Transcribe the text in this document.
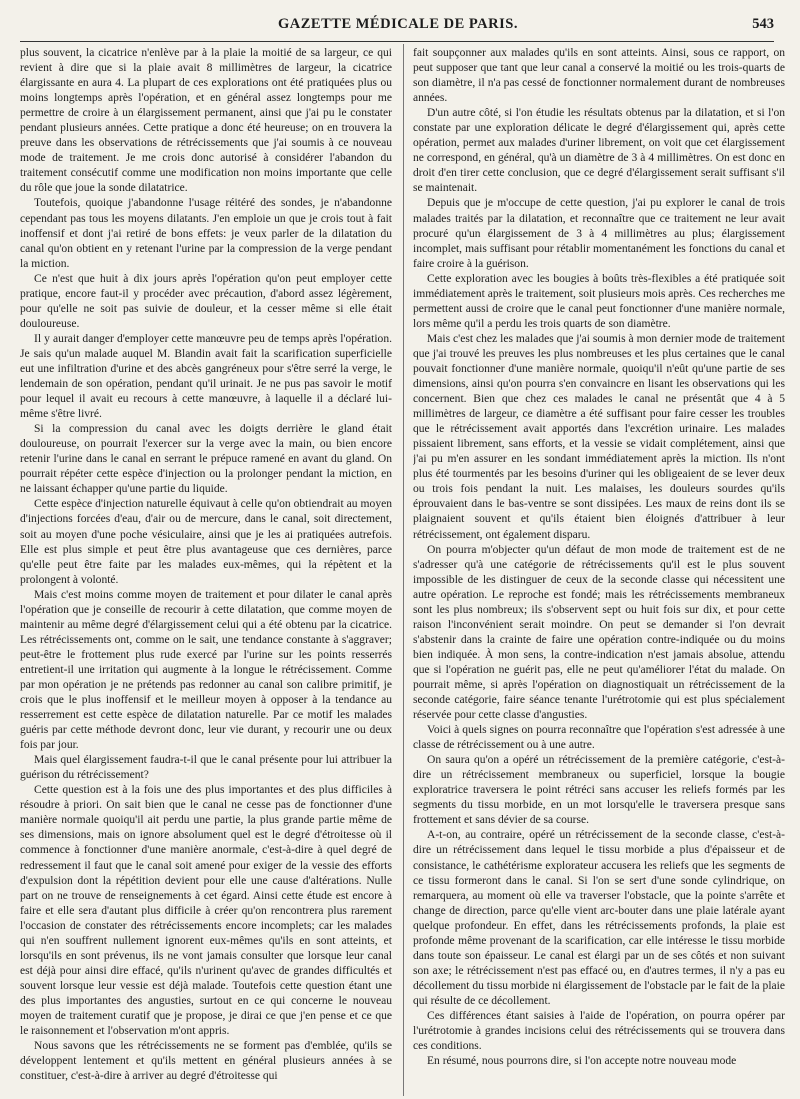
GAZETTE MÉDICALE DE PARIS.	543

plus souvent, la cicatrice n'enlève par à la plaie la moitié de sa largeur, ce qui revient à dire que si la plaie avait 8 millimètres de largeur, la cicatrice élargissante en aura 4. La plupart de ces explorations ont été pratiquées plus ou moins longtemps après l'opération, et en général assez longtemps pour me permettre de croire à un élargissement permanent, ainsi que j'ai pu le constater pendant plusieurs années. Cette pratique a donc été heureuse; on en trouvera la preuve dans les observations de rétrécissements que j'ai soumis à ce nouveau mode de traitement. Je me crois donc autorisé à considérer l'abandon du traitement consécutif comme une modification non moins importante que celle du rôle que joue la sonde dilatatrice.

Toutefois, quoique j'abandonne l'usage réitéré des sondes, je n'abandonne cependant pas tous les moyens dilatants. J'en emploie un que je crois tout à fait inoffensif et dont j'ai retiré de bons effets: je veux parler de la dilatation du canal qu'on obtient en y retenant l'urine par la compression de la verge pendant la miction.

Ce n'est que huit à dix jours après l'opération qu'on peut employer cette pratique, encore faut-il y procéder avec précaution, d'abord assez légèrement, pour qu'elle ne soit pas suivie de douleur, et la cesser même si elle était douloureuse.

Il y aurait danger d'employer cette manœuvre peu de temps après l'opération. Je sais qu'un malade auquel M. Blandin avait fait la scarification superficielle eut une infiltration d'urine et des abcès gangréneux pour s'être serré la verge, le lendemain de son opération, pendant qu'il urinait. Je ne pus pas savoir le motif pour lequel il avait eu recours à cette manœuvre, à laquelle il a déclaré lui-même s'être livré.

Si la compression du canal avec les doigts derrière le gland était douloureuse, on pourrait l'exercer sur la verge avec la main, ou bien encore retenir l'urine dans le canal en serrant le prépuce ramené en avant du gland. On pourrait répéter cette espèce d'injection ou la prolonger pendant la miction, en ne laissant échapper qu'une partie du liquide.

Cette espèce d'injection naturelle équivaut à celle qu'on obtiendrait au moyen d'injections forcées d'eau, d'air ou de mercure, dans le canal, soit directement, soit au moyen d'une poche vésiculaire, ainsi que je les ai pratiquées autrefois. Elle est plus simple et peut être plus avantageuse que ces dernières, parce qu'elle peut être faite par les malades eux-mêmes, qui la répètent et la prolongent à volonté.

Mais c'est moins comme moyen de traitement et pour dilater le canal après l'opération que je conseille de recourir à cette dilatation, que comme moyen de maintenir au même degré d'élargissement celui qui a été obtenu par la cicatrice. Les rétrécissements ont, comme on le sait, une tendance constante à s'aggraver; peut-être le frottement plus rude exercé par l'urine sur les points resserrés entretient-il une irritation qui augmente à la longue le rétrécissement. Comme par mon opération je ne prétends pas redonner au canal son calibre primitif, je crois que le plus inoffensif et le meilleur moyen à opposer à la tendance au resserrement est cette espèce de dilatation naturelle. Par ce motif les malades guéris par cette méthode devront donc, leur vie durant, y recourir une ou deux fois par jour.

Mais quel élargissement faudra-t-il que le canal présente pour lui attribuer la guérison du rétrécissement?

Cette question est à la fois une des plus importantes et des plus difficiles à résoudre à priori. On sait bien que le canal ne cesse pas de fonctionner d'une manière normale quoiqu'il ait perdu une partie, la plus grande partie même de ses dimensions, mais on ignore absolument quel est le degré d'étroitesse où il commence à fonctionner d'une manière anormale, c'est-à-dire à quel degré de redressement il faut que le canal soit amené pour exiger de la vessie des efforts d'expulsion dont la répétition devient pour elle une cause d'altérations. Nulle part on ne trouve de renseignements à cet égard. Ainsi cette étude est encore à faire et elle sera d'autant plus difficile à créer qu'on rencontrera plus rarement l'occasion de constater des rétrécissements encore incomplets; car les malades qui n'en souffrent nullement ignorent eux-mêmes qu'ils en sont atteints, et lorsqu'ils en sont prévenus, ils ne vont jamais consulter que lorsque leur canal est déjà pour ainsi dire effacé, qu'ils n'urinent qu'avec de grandes difficultés et souvent lorsque leur vessie est déjà malade. Toutefois cette question étant une des plus importantes des angusties, surtout en ce qui concerne le nouveau moyen de traitement curatif que je propose, je dirai ce que j'en pense et ce que le raisonnement et l'observation m'ont appris.

Nous savons que les rétrécissements ne se forment pas d'emblée, qu'ils se développent lentement et qu'ils mettent en général plusieurs années à se constituer, c'est-à-dire à arriver au degré d'étroitesse qui

fait soupçonner aux malades qu'ils en sont atteints. Ainsi, sous ce rapport, on peut supposer que tant que leur canal a conservé la moitié ou les trois-quarts de son diamètre, il n'a pas cessé de fonctionner normalement durant de nombreuses années.

D'un autre côté, si l'on étudie les résultats obtenus par la dilatation, et si l'on constate par une exploration délicate le degré d'élargissement qui, après cette opération, permet aux malades d'uriner librement, on voit que cet élargissement ne correspond, en général, qu'à un diamètre de 3 à 4 millimètres. On est donc en droit d'en tirer cette conclusion, que ce degré d'élargissement serait suffisant s'il se maintenait.

Depuis que je m'occupe de cette question, j'ai pu explorer le canal de trois malades traités par la dilatation, et reconnaître que ce traitement ne leur avait procuré qu'un élargissement de 3 à 4 millimètres au plus; élargissement incomplet, mais suffisant pour rétablir momentanément les fonctions du canal et faire croire à la guérison.

Cette exploration avec les bougies à boûts très-flexibles a été pratiquée soit immédiatement après le traitement, soit plusieurs mois après. Ces recherches me permettent aussi de croire que le canal peut fonctionner d'une manière normale, lors même qu'il a perdu les trois quarts de son diamètre.

Mais c'est chez les malades que j'ai soumis à mon dernier mode de traitement que j'ai trouvé les preuves les plus nombreuses et les plus certaines que le canal pouvait fonctionner d'une manière normale, quoiqu'il n'eût qu'une partie de ses dimensions, ainsi qu'on pourra s'en convaincre en lisant les observations qui les concernent. Bien que chez ces malades le canal ne présentât que 4 à 5 millimètres de largeur, ce diamètre a été suffisant pour faire cesser les troubles que le rétrécissement avait apportés dans l'excrétion urinaire. Les malades pissaient librement, sans efforts, et la vessie se vidait complétement, ainsi que j'ai pu m'en assurer en les sondant immédiatement après la miction. Ils n'ont plus été tourmentés par les besoins d'uriner qui les obligeaient de se lever deux ou trois fois pendant la nuit. Les malaises, les douleurs sourdes qu'ils éprouvaient dans le bas-ventre se sont dissipées. Les maux de reins dont ils se plaignaient souvent et qu'ils étaient bien éloignés d'attribuer à leur rétrécissement, ont également disparu.

On pourra m'objecter qu'un défaut de mon mode de traitement est de ne s'adresser qu'à une catégorie de rétrécissements qu'il est le plus souvent impossible de les distinguer de ceux de la seconde classe qui nécessitent une autre opération. Le reproche est fondé; mais les rétrécissements membraneux sont les plus nombreux; ils s'observent sept ou huit fois sur dix, et pour cette raison l'inconvénient serait moindre. On peut se demander si l'on devrait s'abstenir dans la crainte de faire une opération contre-indiquée ou du moins bien indiquée. À mon sens, la contre-indication n'est jamais absolue, attendu que si l'opération ne guérit pas, elle ne peut qu'améliorer l'état du malade. On pourrait même, si après l'opération on diagnostiquait un rétrécissement de la seconde catégorie, faire séance tenante l'urétrotomie qui est plus spécialement réservée pour cette classe d'angusties.

Voici à quels signes on pourra reconnaître que l'opération s'est adressée à une classe de rétrécissement ou à une autre.

On saura qu'on a opéré un rétrécissement de la première catégorie, c'est-à-dire un rétrécissement membraneux ou superficiel, lorsque la bougie exploratrice traversera le point rétréci sans accuser les reliefs formés par les segments du tissu morbide, en un mot lorsqu'elle le traversera presque sans frottement et sans dévier de sa course.

A-t-on, au contraire, opéré un rétrécissement de la seconde classe, c'est-à-dire un rétrécissement dans lequel le tissu morbide a plus d'épaisseur et de consistance, le cathétérisme explorateur accusera les reliefs que les segments de ce tissu formeront dans le canal. Si l'on se sert d'une sonde cylindrique, on remarquera, au moment où elle va traverser l'obstacle, que la pointe s'arrête et change de direction, parce qu'elle vient arc-bouter dans une plaie latérale ayant quelque profondeur. En effet, dans les rétrécissements profonds, la plaie est profonde même provenant de la scarification, car elle intéresse le tissu morbide dans toute son épaisseur. Le canal est élargi par un de ses côtés et non suivant son axe; le rétrécissement n'est pas effacé ou, en d'autres termes, il n'y a pas eu décollement du tissu morbide ni élargissement de l'obstacle par le fait de la plaie qui résulte de ce décollement.

Ces différences étant saisies à l'aide de l'opération, on pourra opérer par l'urétrotomie à grandes incisions celui des rétrécissements qui se trouvera dans ces conditions.

En résumé, nous pourrons dire, si l'on accepte notre nouveau mode
